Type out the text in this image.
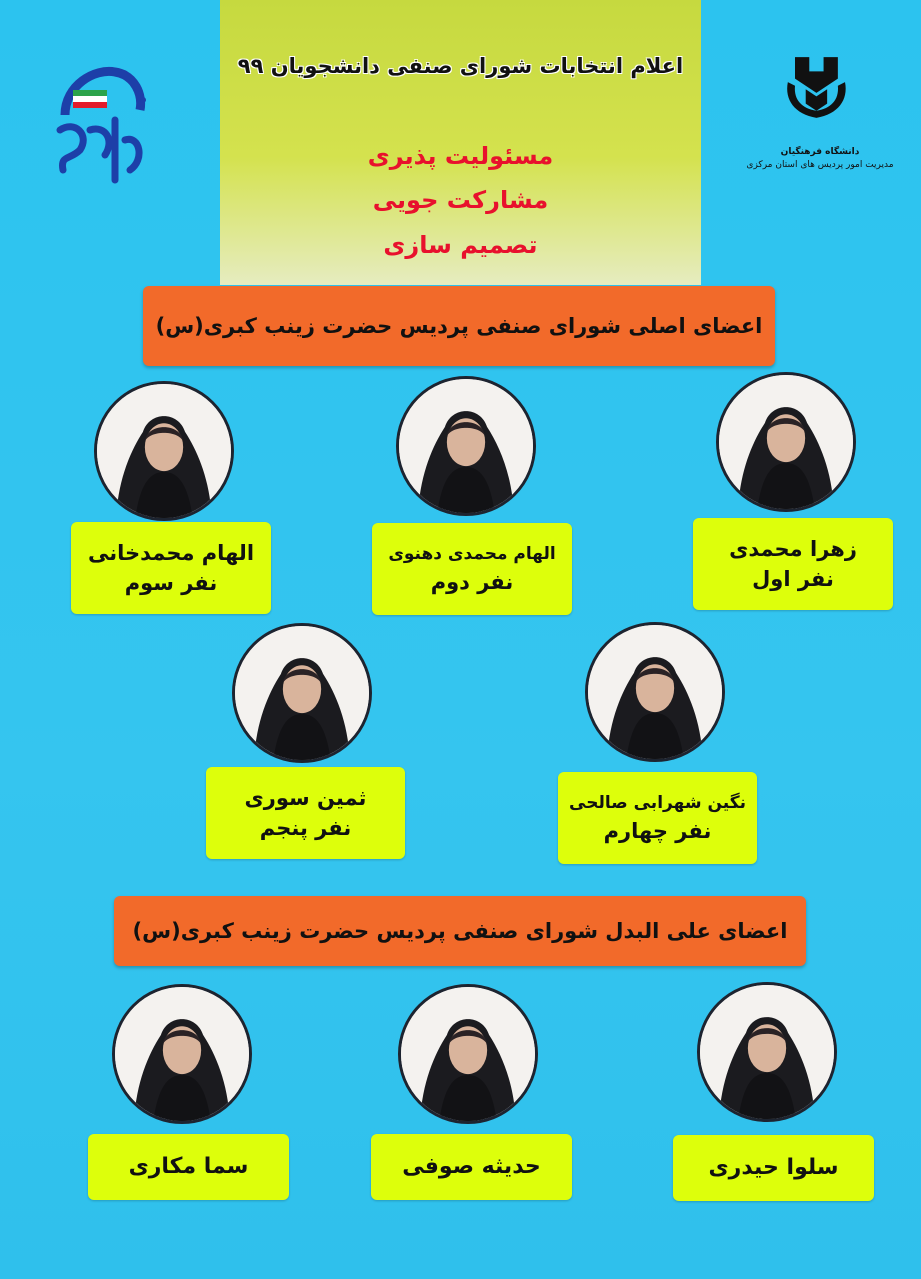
اعلام انتخابات شورای صنفی دانشجویان ۹۹
مسئولیت پذیری
مشارکت جویی
تصمیم سازی
دانشگاه فرهنگیان
مدیریت امور پردیس های استان مرکزی
اعضای اصلی شورای صنفی پردیس حضرت زینب کبری(س)
زهرا محمدی
نفر اول
الهام محمدی دهنوی
نفر دوم
الهام محمدخانی
نفر سوم
نگین شهرابی صالحی
نفر چهارم
ثمین سوری
نفر پنجم
اعضای علی البدل شورای صنفی پردیس حضرت زینب کبری(س)
سلوا حیدری
حدیثه صوفی
سما مکاری
